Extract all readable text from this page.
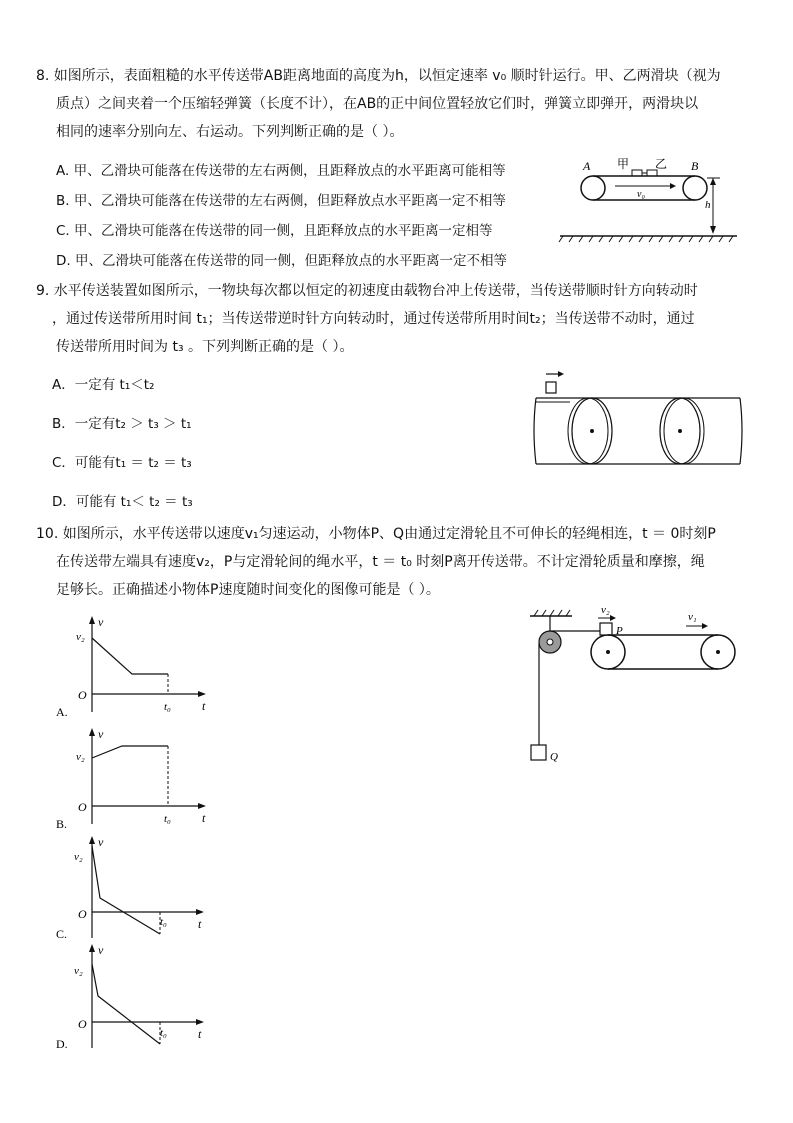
8. 如图所示，表面粗糙的水平传送带AB距离地面的高度为h，以恒定速率 v₀ 顺时针运行。甲、乙两滑块（视为
质点）之间夹着一个压缩轻弹簧（长度不计），在AB的正中间位置轻放它们时，弹簧立即弹开，两滑块以
相同的速率分别向左、右运动。下列判断正确的是（ ）。
A. 甲、乙滑块可能落在传送带的左右两侧，且距释放点的水平距离可能相等
B. 甲、乙滑块可能落在传送带的左右两侧，但距释放点水平距离一定不相等
C. 甲、乙滑块可能落在传送带的同一侧，且距释放点的水平距离一定相等
D. 甲、乙滑块可能落在传送带的同一侧，但距释放点的水平距离一定不相等
A	B
甲 乙
v₀
h
9. 水平传送装置如图所示，一物块每次都以恒定的初速度由载物台冲上传送带，当传送带顺时针方向转动时
，通过传送带所用时间 t₁；当传送带逆时针方向转动时，通过传送带所用时间t₂；当传送带不动时，通过
传送带所用时间为 t₃ 。下列判断正确的是（ ）。
A．一定有 t₁＜t₂
B．一定有t₂ ＞ t₃ ＞ t₁
C．可能有t₁ ＝ t₂ ＝ t₃
D．可能有 t₁＜ t₂ ＝ t₃
10. 如图所示，水平传送带以速度v₁匀速运动，小物体P、Q由通过定滑轮且不可伸长的轻绳相连，t ＝ 0时刻P
在传送带左端具有速度v₂，P与定滑轮间的绳水平，t ＝ t₀ 时刻P离开传送带。不计定滑轮质量和摩擦，绳
足够长。正确描述小物体P速度随时间变化的图像可能是（ ）。
v₂
P
v₁
Q
v
t
O
v₂
t₀
A.
v
t
O
v₂
t₀
B.
v
t
O
v₂
t₀
C.
v
t
O
v₂
t₀
D.
